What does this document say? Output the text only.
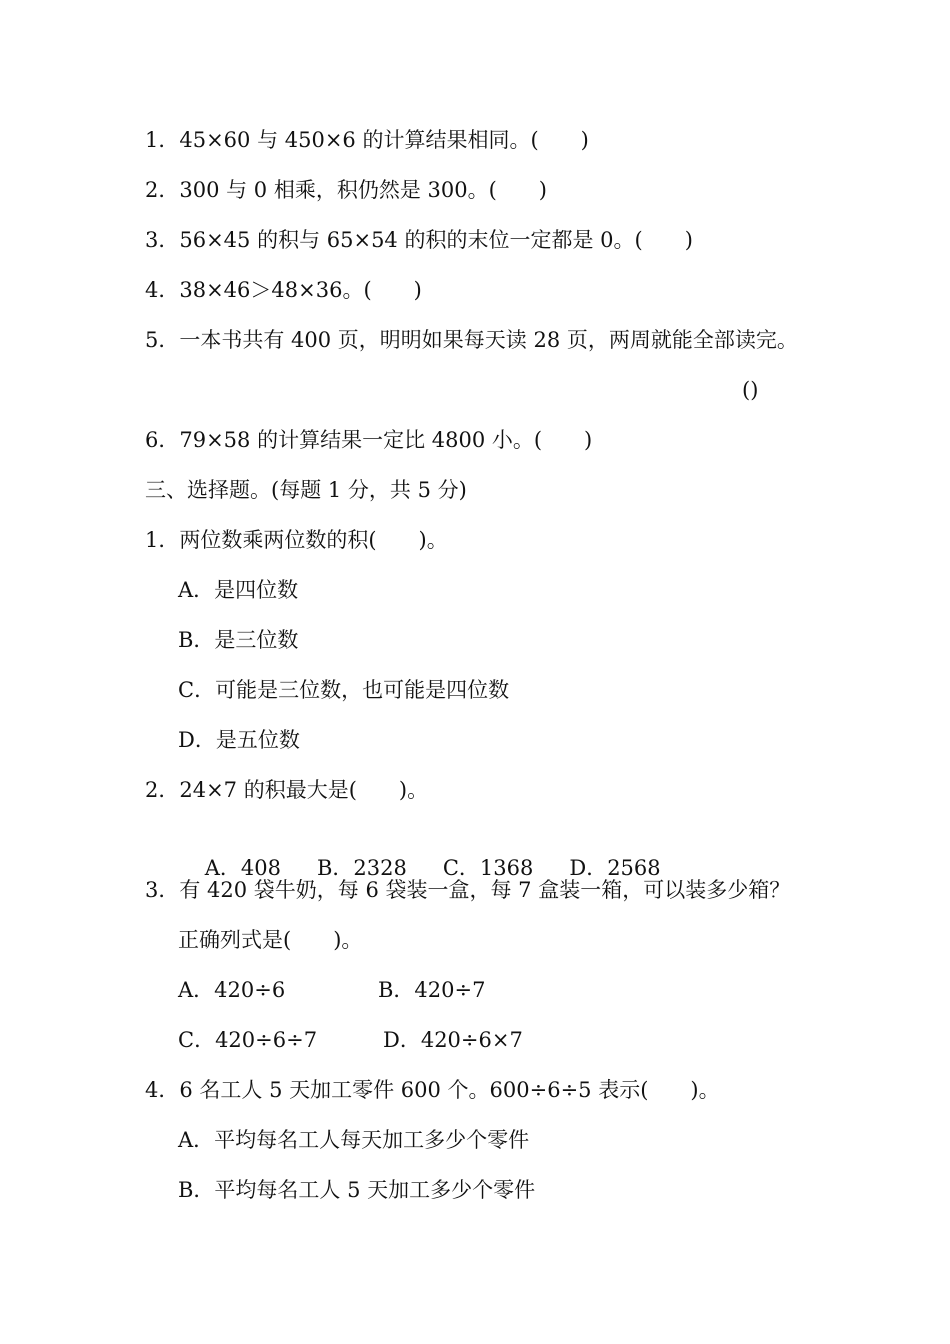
1．45×60 与 450×6 的计算结果相同。(　　)
2．300 与 0 相乘，积仍然是 300。(　　)
3．56×45 的积与 65×54 的积的末位一定都是 0。(　　)
4．38×46＞48×36。(　　)
5．一本书共有 400 页，明明如果每天读 28 页，两周就能全部读完。
()
6．79×58 的计算结果一定比 4800 小。(　　)
三、选择题。(每题 1 分，共 5 分)
1．两位数乘两位数的积(　　)。
A．是四位数
B．是三位数
C．可能是三位数，也可能是四位数
D．是五位数
2．24×7 的积最大是(　　)。

A．408 B．2328 C．1368 D．2568

3．有 420 袋牛奶，每 6 袋装一盒，每 7 盒装一箱，可以装多少箱？
正确列式是(　　)。
A．420÷6	B．420÷7
C．420÷6÷7	D．420÷6×7
4．6 名工人 5 天加工零件 600 个。600÷6÷5 表示(　　)。
A．平均每名工人每天加工多少个零件
B．平均每名工人 5 天加工多少个零件
